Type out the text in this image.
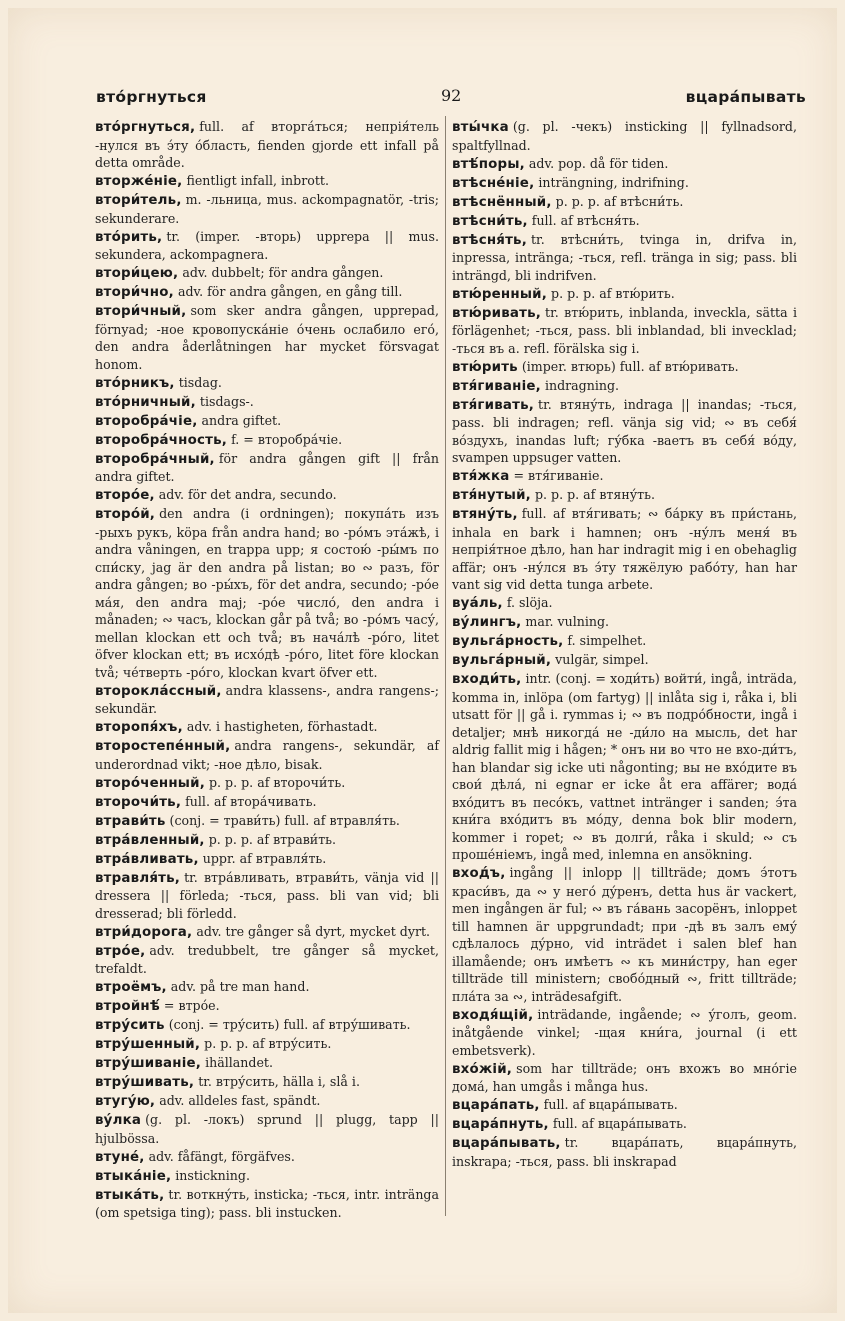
вто́ргнуться	92	вцара́пывать

вто́ргнуться, full. af вторга́ться; непрія́тель -нулся въ э́ту о́бласть, fienden gjorde ett infall på detta område.

вторже́ніе, fientligt infall, inbrott.

втори́тель, m. -льница, mus. ackompagnatör, -tris; sekunderare.

вто́рить, tr. (imper. -вторь) upprepa || mus. sekundera, ackompagnera.

втори́цею, adv. dubbelt; för andra gången.

втори́чно, adv. för andra gången, en gång till.

втори́чный, som sker andra gången, upprepad, förnyad; -ное кровопуска́ніе о́чень ослабило его́, den andra åderlåtningen har mycket försvagat honom.

вто́рникъ, tisdag.

вто́рничный, tisdags-.

второбра́чіе, andra giftet.

второбра́чность, f. = второбра́чіе.

второбра́чный, för andra gången gift || från andra giftet.

второ́е, adv. för det andra, secundo.

второ́й, den andra (i ordningen); покупа́ть изъ -рыхъ рукъ, köpa från andra hand; во -ро́мъ эта́жѣ, i andra våningen, en trappa upp; я состою́ -ры́мъ по спи́ску, jag är den andra på listan; во ∾ разъ, för andra gången; во -ры́хъ, för det andra, secundo; -ро́е ма́я, den andra maj; -ро́е число́, den andra i månaden; ∾ часъ, klockan går på två; во -ро́мъ часу́, mellan klockan ett och två; въ нача́лѣ -ро́го, litet öfver klockan ett; въ исхо́дѣ -ро́го, litet före klockan två; че́тверть -ро́го, klockan kvart öfver ett.

второкла́ссный, andra klassens-, andra rangens-; sekundär.

второпя́хъ, adv. i hastigheten, förhastadt.

второстепе́нный, andra rangens-, sekundär, af underordnad vikt; -ное дѣло, bisak.

второ́ченный, p. p. p. af второчи́ть.

второчи́ть, full. af втора́чивать.

втрави́ть (conj. = трави́ть) full. af втравля́ть.

втра́вленный, p. p. p. af втрави́ть.

втра́вливать, uppr. af втравля́ть.

втравля́ть, tr. втра́вливать, втрави́ть, vänja vid || dressera || förleda; -ться, pass. bli van vid; bli dresserad; bli förledd.

втри́дорога, adv. tre gånger så dyrt, mycket dyrt.

втро́е, adv. tredubbelt, tre gånger så mycket, trefaldt.

втроёмъ, adv. på tre man hand.

втройнѣ́ = втро́е.

втру́сить (conj. = тру́сить) full. af втру́шивать.

втру́шенный, p. p. p. af втру́сить.

втру́шиваніе, ihällandet.

втру́шивать, tr. втру́сить, hälla i, slå i.

втугу́ю, adv. alldeles fast, spändt.

ву́лка (g. pl. -локъ) sprund || plugg, tapp || hjulbössa.

втуне́, adv. fåfängt, förgäfves.

втыка́ніе, instickning.

втыка́ть, tr. воткну́ть, insticka; -ться, intr. intränga (om spetsiga ting); pass. bli instucken.

вты́чка (g. pl. -чекъ) insticking || fyllnadsord, spaltfyllnad.

втѣ́поры, adv. pop. då för tiden.

втѣсне́ніе, inträngning, indrifning.

втѣснённый, p. p. p. af втѣсни́ть.

втѣсни́ть, full. af втѣсня́ть.

втѣсня́ть, tr. втѣсни́ть, tvinga in, drifva in, inpressa, intränga; -ться, refl. tränga in sig; pass. bli inträngd, bli indrifven.

втю́ренный, p. p. p. af втю́рить.

втю́ривать, tr. втю́рить, inblanda, inveckla, sätta i förlägenhet; -ться, pass. bli inblandad, bli invecklad; -ться въ a. refl. förälska sig i.

втю́рить (imper. втюрь) full. af втю́ривать.

втя́гиваніе, indragning.

втя́гивать, tr. втяну́ть, indraga || inandas; -ться, pass. bli indragen; refl. vänja sig vid; ∾ въ себя́ во́здухъ, inandas luft; гу́бка -ваетъ въ себя́ во́ду, svampen uppsuger vatten.

втя́жка = втя́гиваніе.

втя́нутый, p. p. p. af втяну́ть.

втяну́ть, full. af втя́гивать; ∾ ба́рку въ при́стань, inhala en bark i hamnen; онъ -ну́лъ меня́ въ непрія́тное дѣло, han har indragit mig i en obehaglig affär; онъ -ну́лся въ э́ту тяжёлую рабо́ту, han har vant sig vid detta tunga arbete.

вуа́ль, f. slöja.

ву́лингъ, mar. vulning.

вульга́рность, f. simpelhet.

вульга́рный, vulgär, simpel.

входи́ть, intr. (conj. = ходи́ть) войти́, ingå, inträda, komma in, inlöpa (om fartyg) || inlåta sig i, råka i, bli utsatt för || gå i. rymmas i; ∾ въ подро́бности, ingå i detaljer; мнѣ никогда́ не -ди́ло на мысль, det har aldrig fallit mig i hågen; * онъ ни во что не вхо-ди́тъ, han blandar sig icke uti någonting; вы не вхо́дите въ свои́ дѣла́, ni egnar er icke åt era affärer; вода́ вхо́дитъ въ песо́къ, vattnet intränger i sanden; э́та кни́га вхо́дитъ въ мо́ду, denna bok blir modern, kommer i ropet; ∾ въ долги́, råka i skuld; ∾ съ проше́ніемъ, ingå med, inlemna en ansökning.

вход́ъ, ingång || inlopp || tillträde; домъ э́тотъ краси́въ, да ∾ у него́ ду́ренъ, detta hus är vackert, men ingången är ful; ∾ въ га́вань засорёнъ, inloppet till hamnen är uppgrundadt; при -дѣ въ залъ ему́ сдѣлалось ду́рно, vid inträdet i salen blef han illamående; онъ имѣетъ ∾ къ мини́стру, han eger tillträde till ministern; свобо́дный ∾, fritt tillträde; пла́та за ∾, inträdesafgift.

входя́щій, inträdande, ingående; ∾ у́голъ, geom. inåtgående vinkel; -щая кни́га, journal (i ett embetsverk).

вхо́жій, som har tillträde; онъ вхожъ во мно́гіе дома́, han umgås i många hus.

вцара́пать, full. af вцара́пывать.

вцара́пнуть, full. af вцара́пывать.

вцара́пывать, tr. вцара́пать, вцара́пнуть, inskrapa; -ться, pass. bli inskrapad
